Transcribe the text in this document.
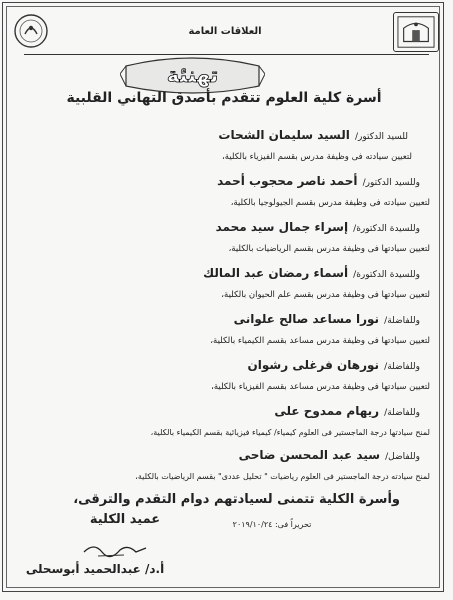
العلاقات العامة
تهنئة
أسرة كلية العلوم تتقدم بأصدق التهاني القلبية
للسيد الدكتور/ السيد سليمان الشحات
لتعيين سيادته فى وظيفة مدرس بقسم الفيزياء بالكلية،
وللسيد الدكتور/ أحمد ناصر محجوب أحمد
لتعيين سيادته فى وظيفة مدرس بقسم الجيولوجيا بالكلية،
وللسيدة الدكتورة/ إسراء جمال سيد محمد
لتعيين سيادتها فى وظيفة مدرس بقسم الرياضيات بالكلية،
وللسيدة الدكتورة/ أسماء رمضان عبد المالك
لتعيين سيادتها فى وظيفة مدرس بقسم علم الحيوان بالكلية،
وللفاضلة/ نورا مساعد صالح علوانى
لتعيين سيادتها فى وظيفة مدرس مساعد بقسم الكيمياء بالكلية،
وللفاضلة/ نورهان فرغلى رشوان
لتعيين سيادتها فى وظيفة مدرس مساعد بقسم الفيزياء بالكلية،
وللفاضلة/ ريهام ممدوح على
لمنح سيادتها درجة الماجستير فى العلوم كيمياء/ كيمياء فيزيائية بقسم الكيمياء بالكلية،
وللفاضل/ سيد عبد المحسن ضاحى
لمنح سيادته درجة الماجستير فى العلوم رياضيات " تحليل عددى" بقسم الرياضيات بالكلية،
وأسرة الكلية تتمنى لسيادتهم دوام التقدم والترقى،
تحريراً فى: ٢٠١٩/١٠/٢٤
عميد الكلية
أ.د/ عبدالحميد أبوسحلى
